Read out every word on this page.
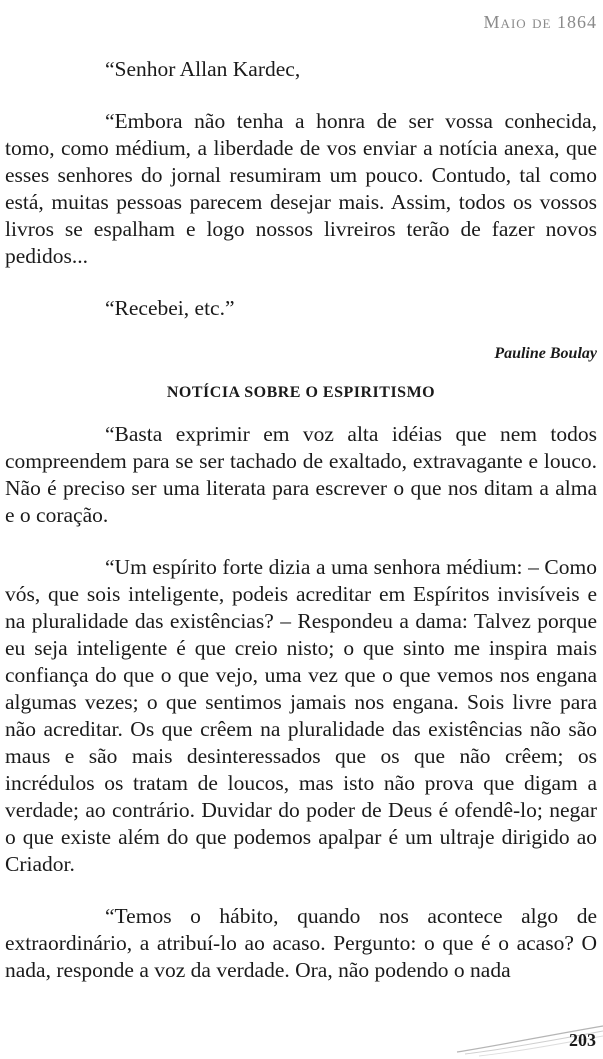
Maio de 1864

“Senhor Allan Kardec,

“Embora não tenha a honra de ser vossa conhecida, tomo, como médium, a liberdade de vos enviar a notícia anexa, que esses senhores do jornal resumiram um pouco. Contudo, tal como está, muitas pessoas parecem desejar mais. Assim, todos os vossos livros se espalham e logo nossos livreiros terão de fazer novos pedidos...

“Recebei, etc.”

Pauline Boulay

NOTÍCIA SOBRE O ESPIRITISMO

“Basta exprimir em voz alta idéias que nem todos compreendem para se ser tachado de exaltado, extravagante e louco. Não é preciso ser uma literata para escrever o que nos ditam a alma e o coração.

“Um espírito forte dizia a uma senhora médium: – Como vós, que sois inteligente, podeis acreditar em Espíritos invisíveis e na pluralidade das existências? – Respondeu a dama: Talvez porque eu seja inteligente é que creio nisto; o que sinto me inspira mais confiança do que o que vejo, uma vez que o que vemos nos engana algumas vezes; o que sentimos jamais nos engana. Sois livre para não acreditar. Os que crêem na pluralidade das existências não são maus e são mais desinteressados que os que não crêem; os incrédulos os tratam de loucos, mas isto não prova que digam a verdade; ao contrário. Duvidar do poder de Deus é ofendê-lo; negar o que existe além do que podemos apalpar é um ultraje dirigido ao Criador.

“Temos o hábito, quando nos acontece algo de extraordinário, a atribuí-lo ao acaso. Pergunto: o que é o acaso? O nada, responde a voz da verdade. Ora, não podendo o nada

203
